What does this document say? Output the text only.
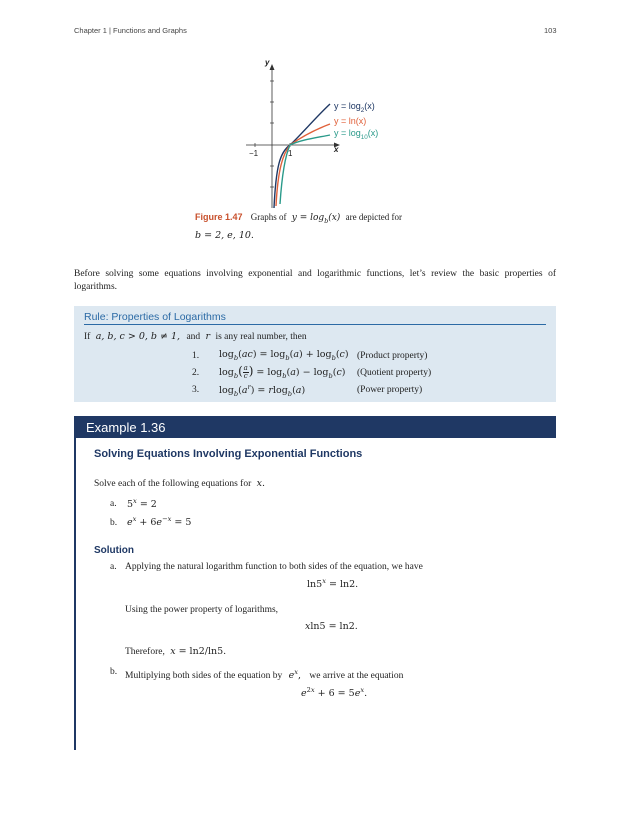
Chapter 1 | Functions and Graphs	103
y
x
−1	1
$y = \log_2(x)$
y = ln(x)
$y = \log_{10}(x)$
Figure 1.47 Graphs of $y = \log_b(x)$ are depicted for
b = 2, e, 10.
Before solving some equations involving exponential and logarithmic functions, let’s review the basic properties of logarithms.
Rule: Properties of Logarithms
If a, b, c > 0, b ≠ 1, and r is any real number, then
1. $\log_b(ac) = \log_b(a) + \log_b(c)$ (Product property)
2. $\log_b(\frac{a}{c}) = \log_b(a) - \log_b(c)$ (Quotient property)
3. $\log_b(a^r) = rlog_b(a)$	(Power property)
Example 1.36
Solving Equations Involving Exponential Functions
Solve each of the following equations for x.
a. $5^x = 2$
b. $e^x + 6e^{-x} = 5$
Solution
a. Applying the natural logarithm function to both sides of the equation, we have
$\ln 5^x = \ln 2$.
Using the power property of logarithms,
xln5 = ln2.
Therefore, x = ln2/ln5.
b. Multiplying both sides of the equation by $e^x$, we arrive at the equation
$e^{2x} + 6 = 5e^x$.
